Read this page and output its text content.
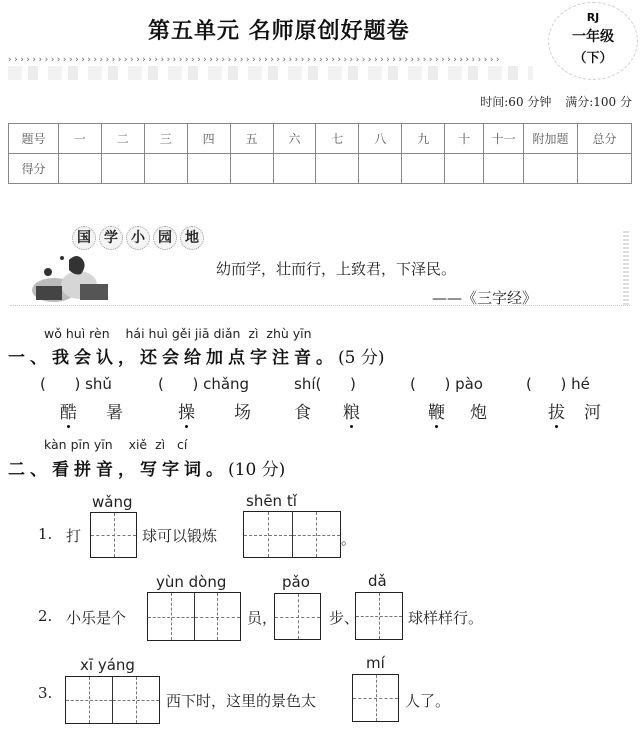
第五单元 名师原创好题卷
RJ
一年级
（下）
›››››››››››››››››››››››››››››››››››››››››››››››››››››››››››››››››››››››››››››››››
时间:60 分钟 满分:100 分
题号	一	二	三	四	五	六	七	八	九	十	十一	附加题	总分
得分													
国 学 小 园 地
幼而学，壮而行，上致君，下泽民。
——《三字经》
wǒ huì rèn    hái huì gěi jiā diǎn  zì  zhù yīn
一、我会认，还会给加点字注音。(5 分)
(      ) shǔ	(      ) chǎng	shí(      )	(      ) pào	(      ) hé
酷 暑	操 场	食 粮	鞭 炮	拔 河
kàn pīn yīn    xiě  zì   cí
二、看拼音，写字词。(10 分)
1. 打
wǎng
球可以锻炼
shēn tǐ
。
2. 小乐是个
yùn dòng
员，
pǎo
步、
dǎ
球样样行。
3.
xī yáng
西下时，这里的景色太
mí
人了。
